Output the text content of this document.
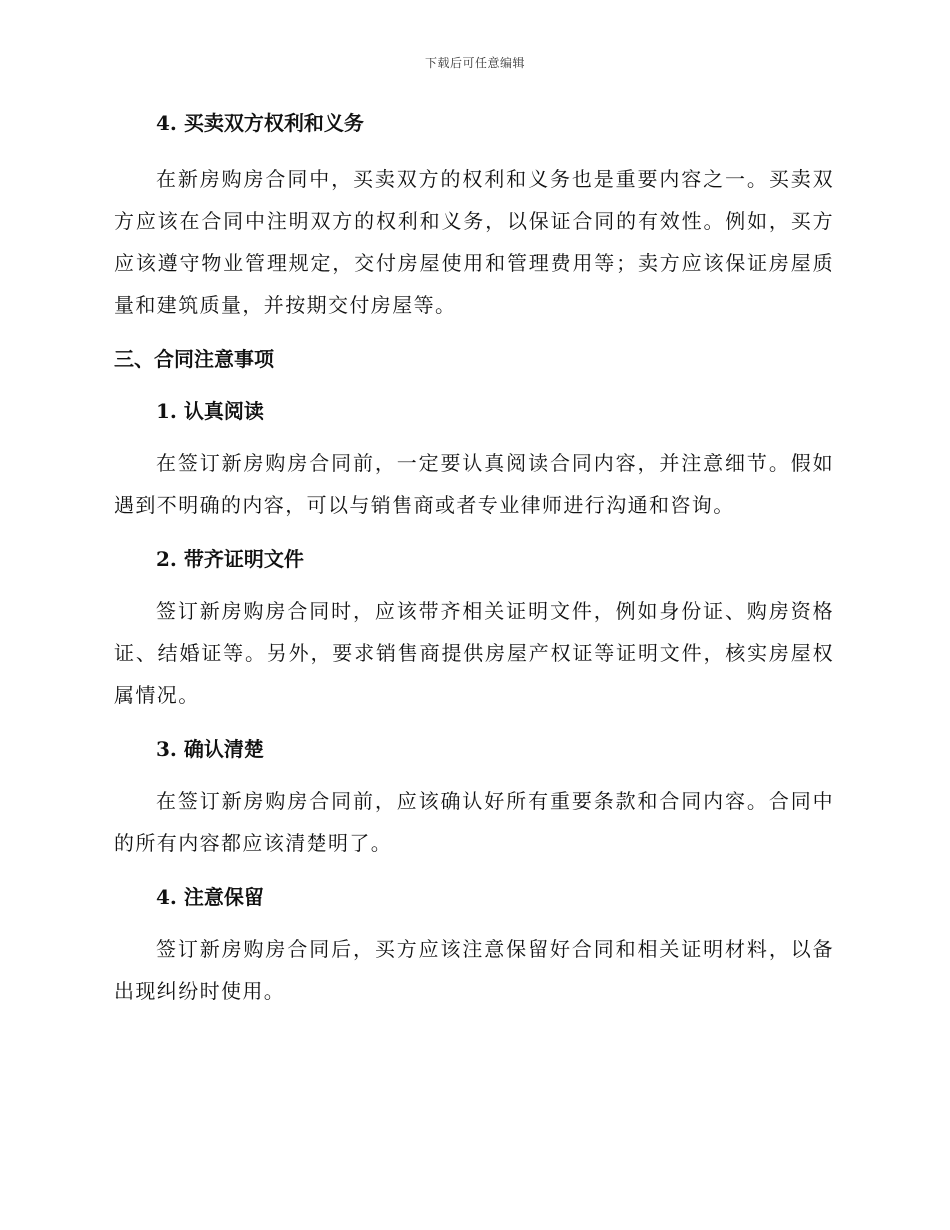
下载后可任意编辑
4. 买卖双方权利和义务

在新房购房合同中，买卖双方的权利和义务也是重要内容之一。买卖双方应该在合同中注明双方的权利和义务，以保证合同的有效性。例如，买方应该遵守物业管理规定，交付房屋使用和管理费用等；卖方应该保证房屋质量和建筑质量，并按期交付房屋等。

三、合同注意事项
1. 认真阅读

在签订新房购房合同前，一定要认真阅读合同内容，并注意细节。假如遇到不明确的内容，可以与销售商或者专业律师进行沟通和咨询。

2. 带齐证明文件

签订新房购房合同时，应该带齐相关证明文件，例如身份证、购房资格证、结婚证等。另外，要求销售商提供房屋产权证等证明文件，核实房屋权属情况。

3. 确认清楚

在签订新房购房合同前，应该确认好所有重要条款和合同内容。合同中的所有内容都应该清楚明了。

4. 注意保留

签订新房购房合同后，买方应该注意保留好合同和相关证明材料，以备出现纠纷时使用。
